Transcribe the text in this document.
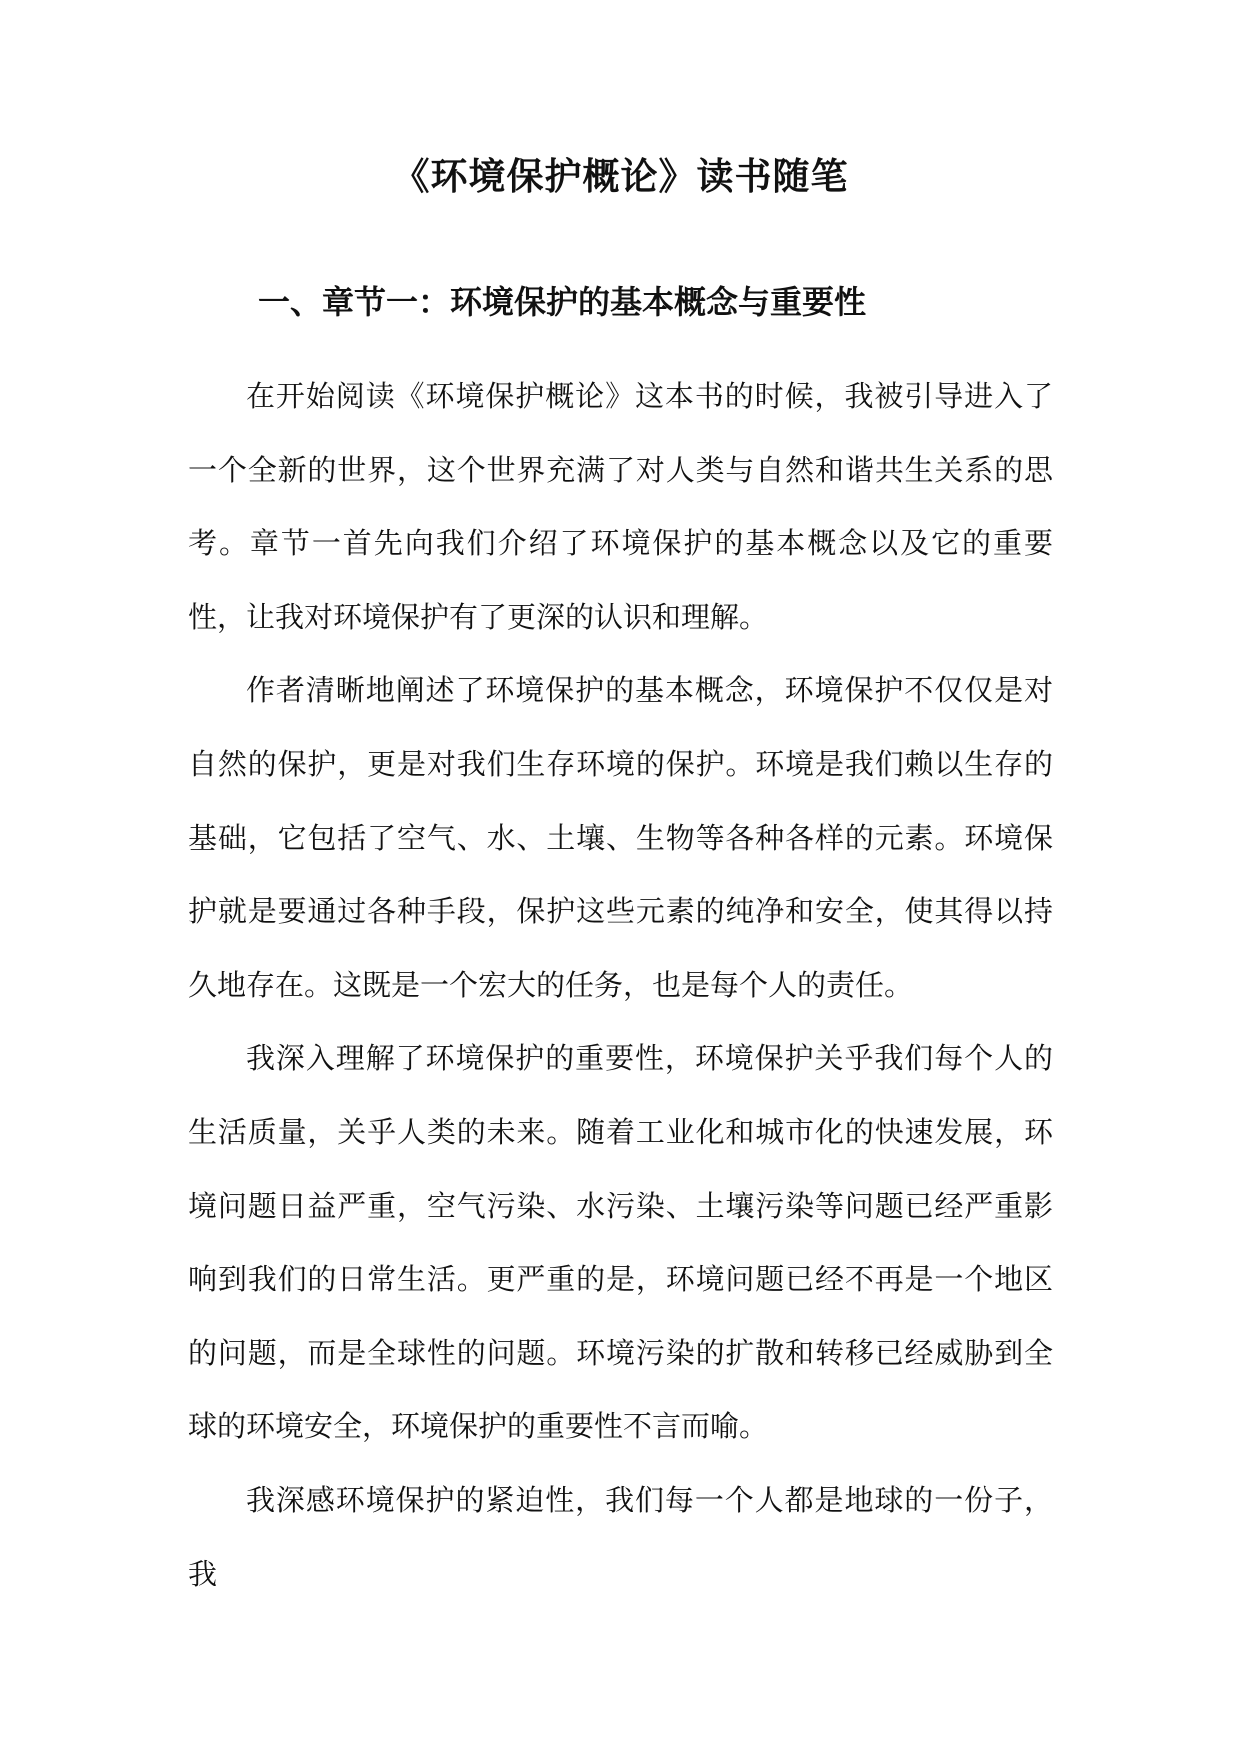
《环境保护概论》读书随笔
一、章节一：环境保护的基本概念与重要性

在开始阅读《环境保护概论》这本书的时候，我被引导进入了一个全新的世界，这个世界充满了对人类与自然和谐共生关系的思考。章节一首先向我们介绍了环境保护的基本概念以及它的重要性，让我对环境保护有了更深的认识和理解。

作者清晰地阐述了环境保护的基本概念，环境保护不仅仅是对自然的保护，更是对我们生存环境的保护。环境是我们赖以生存的基础，它包括了空气、水、土壤、生物等各种各样的元素。环境保护就是要通过各种手段，保护这些元素的纯净和安全，使其得以持久地存在。这既是一个宏大的任务，也是每个人的责任。

我深入理解了环境保护的重要性，环境保护关乎我们每个人的生活质量，关乎人类的未来。随着工业化和城市化的快速发展，环境问题日益严重，空气污染、水污染、土壤污染等问题已经严重影响到我们的日常生活。更严重的是，环境问题已经不再是一个地区的问题，而是全球性的问题。环境污染的扩散和转移已经威胁到全球的环境安全，环境保护的重要性不言而喻。

我深感环境保护的紧迫性，我们每一个人都是地球的一份子，我
